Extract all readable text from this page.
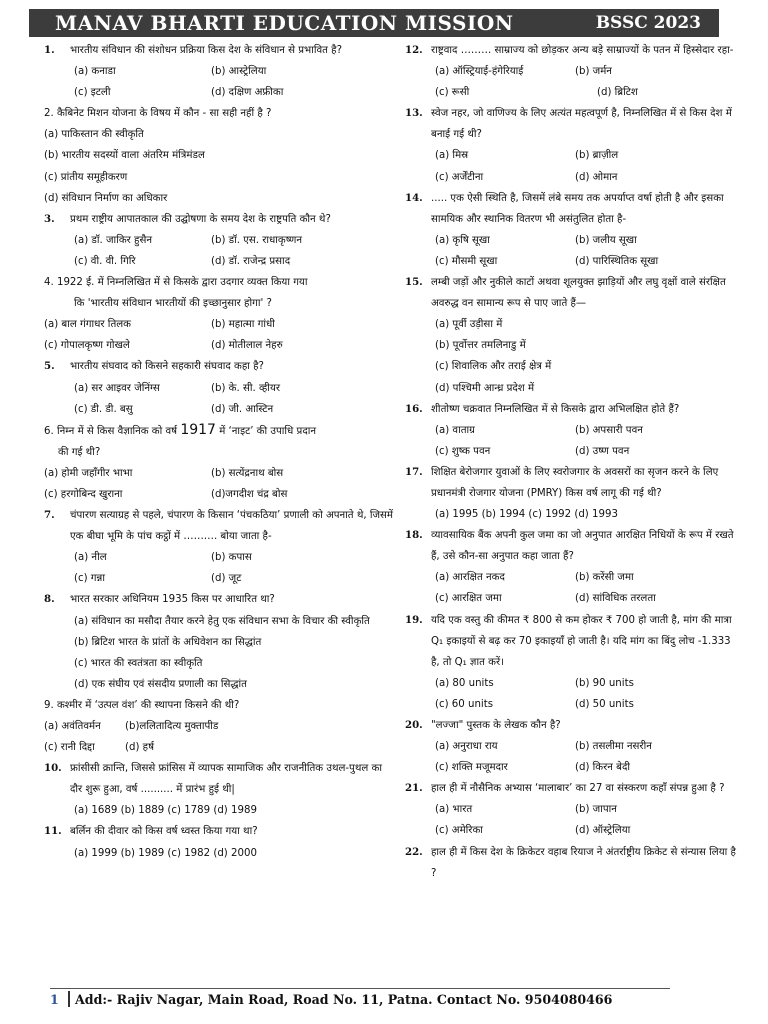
MANAV BHARTI EDUCATION MISSION	BSSC 2023
1.	भारतीय संविधान की संशोधन प्रक्रिया किस देश के संविधान से प्रभावित है?
(a) कनाडा	(b) आस्ट्रेलिया
(c) इटली	(d) दक्षिण अफ्रीका
2. कैबिनेट मिशन योजना के विषय में कौन - सा सही नहीं है ?
(a) पाकिस्तान की स्वीकृति
(b) भारतीय सदस्यों वाला अंतरिम मंत्रिमंडल
(c) प्रांतीय समूहीकरण
(d) संविधान निर्माण का अधिकार
3.	प्रथम राष्ट्रीय आपातकाल की उद्घोषणा के समय देश के राष्ट्रपति कौन थे?
(a) डॉ. जाकिर हुसैन	(b) डॉ. एस. राधाकृष्णन
(c) वी. वी. गिरि	(d) डॉ. राजेन्द्र प्रसाद
4. 1922 ई. में निम्नलिखित में से किसके द्वारा उदगार व्यक्त किया गया
कि 'भारतीय संविधान भारतीयों की इच्छानुसार होगा' ?
(a) बाल गंगाधर तिलक	(b) महात्मा गांधी
(c) गोपालकृष्ण गोखले	(d) मोतीलाल नेहरु
5.	भारतीय संघवाद को किसने सहकारी संघवाद कहा है?
(a) सर आइवर जेनिंग्स	(b) के. सी. व्हीयर
(c) डी. डी. बसु	(d) जी. आस्टिन
6. निम्न में से किस वैज्ञानिक को वर्ष 1917 में ‘नाइट’ की उपाधि प्रदान
की गई थी?
(a) होमी जहाँगीर भाभा	(b) सत्येंद्रनाथ बोस
(c) हरगोबिन्द खुराना	(d)जगदीश चंद्र बोस
7.	चंपारण सत्याग्रह से पहले, चंपारण के किसान ‘पंचकठिया’ प्रणाली को अपनाते थे, जिसमें एक बीघा भूमि के पांच कट्ठों में ………. बोया जाता है-
(a) नील	(b) कपास
(c) गन्ना	(d) जूट
8.	भारत सरकार अधिनियम 1935 किस पर आधारित था?
(a) संविधान का मसौदा तैयार करने हेतु एक संविधान सभा के विचार की स्वीकृति
(b) ब्रिटिश भारत के प्रांतों के अधिवेशन का सिद्धांत
(c) भारत की स्वतंत्रता का स्वीकृति
(d) एक संघीय एवं संसदीय प्रणाली का सिद्धांत
9. कश्मीर में ‘उत्पल वंश’ की स्थापना किसने की थी?
(a) अवंतिवर्मन	(b)ललितादित्य मुक्तापीड
(c) रानी दिद्दा	(d) हर्ष
10. फ्रांसीसी क्रान्ति, जिससे फ्रांसिस में व्यापक सामाजिक और राजनीतिक उथल-पुथल का दौर शुरू हुआ, वर्ष .......... में प्रारंभ हुई थी|
(a) 1689 (b) 1889 (c) 1789 (d) 1989
11. बर्लिन की दीवार को किस वर्ष ध्वस्त किया गया था?
(a) 1999 (b) 1989 (c) 1982 (d) 2000
12. राष्ट्रवाद ……… साम्राज्य को छोड़कर अन्य बड़े साम्राज्यों के पतन में हिस्सेदार रहा-
(a) ऑस्ट्रियाई-हंगेरियाई	(b) जर्मन
(c) रूसी	(d) ब्रिटिश
13. स्वेज नहर, जो वाणिज्य के लिए अत्यंत महत्वपूर्ण है, निम्नलिखित में से किस देश में बनाई गई थी?
(a) मिस्र	(b) ब्राज़ील
(c) अर्जेंटीना	(d) ओमान
14. ..... एक ऐसी स्थिति है, जिसमें लंबे समय तक अपर्याप्त वर्षा होती है और इसका सामयिक और स्थानिक वितरण भी असंतुलित होता है-
(a) कृषि सूखा	(b) जलीय सूखा
(c) मौसमी सूखा	(d) पारिस्थितिक सूखा
15. लम्बी जड़ों और नुकीले काटों अथवा शूलयुक्त झाड़ियों और लघु वृक्षों वाले संरक्षित अवरुद्ध वन सामान्य रूप से पाए जाते हैं—
(a) पूर्वी उड़ीसा में
(b) पूर्वोत्तर तमलिनाडु में
(c) शिवालिक और तराई क्षेत्र में
(d) पश्चिमी आन्ध्र प्रदेश में
16. शीतोष्ण चक्रवात निम्नलिखित में से किसके द्वारा अभिलक्षित होते हैं?
(a) वाताग्र	(b) अपसारी पवन
(c) शुष्क पवन	(d) उष्ण पवन
17. शिक्षित बेरोजगार युवाओं के लिए स्वरोजगार के अवसरों का सृजन करने के लिए प्रधानमंत्री रोजगार योजना (PMRY) किस वर्ष लागू की गई थी?
(a) 1995 (b) 1994 (c) 1992 (d) 1993
18. व्यावसायिक बैंक अपनी कुल जमा का जो अनुपात आरक्षित निधियों के रूप में रखते हैं, उसे कौन-सा अनुपात कहा जाता हैं?
(a) आरक्षित नकद	(b) करेंसी जमा
(c) आरक्षित जमा	(d) सांविधिक तरलता
19. यदि एक वस्तु की कीमत ₹ 800 से कम होकर ₹ 700 हो जाती है, मांग की मात्रा Q₁ इकाइयों से बढ़ कर 70 इकाइयाँ हो जाती है। यदि मांग का बिंदु लोच -1.333 है, तो Q₁ ज्ञात करें।
(a) 80 units	(b) 90 units
(c) 60 units	(d) 50 units
20. "लज्जा" पुस्तक के लेखक कौन है?
(a) अनुराधा राय	(b) तसलीमा नसरीन
(c) शक्ति मजूमदार	(d) किरन बेदी
21. हाल ही में नौसैनिक अभ्यास ‘मालाबार’ का 27 वा संस्करण कहाँ संपन्न हुआ है ?
(a) भारत	(b) जापान
(c) अमेरिका	(d) ऑस्ट्रेलिया
22. हाल ही में किस देश के क्रिकेटर वहाब रियाज ने अंतर्राष्ट्रीय क्रिकेट से संन्यास लिया है ?
1	Add:- Rajiv Nagar, Main Road, Road No. 11, Patna. Contact No. 9504080466
